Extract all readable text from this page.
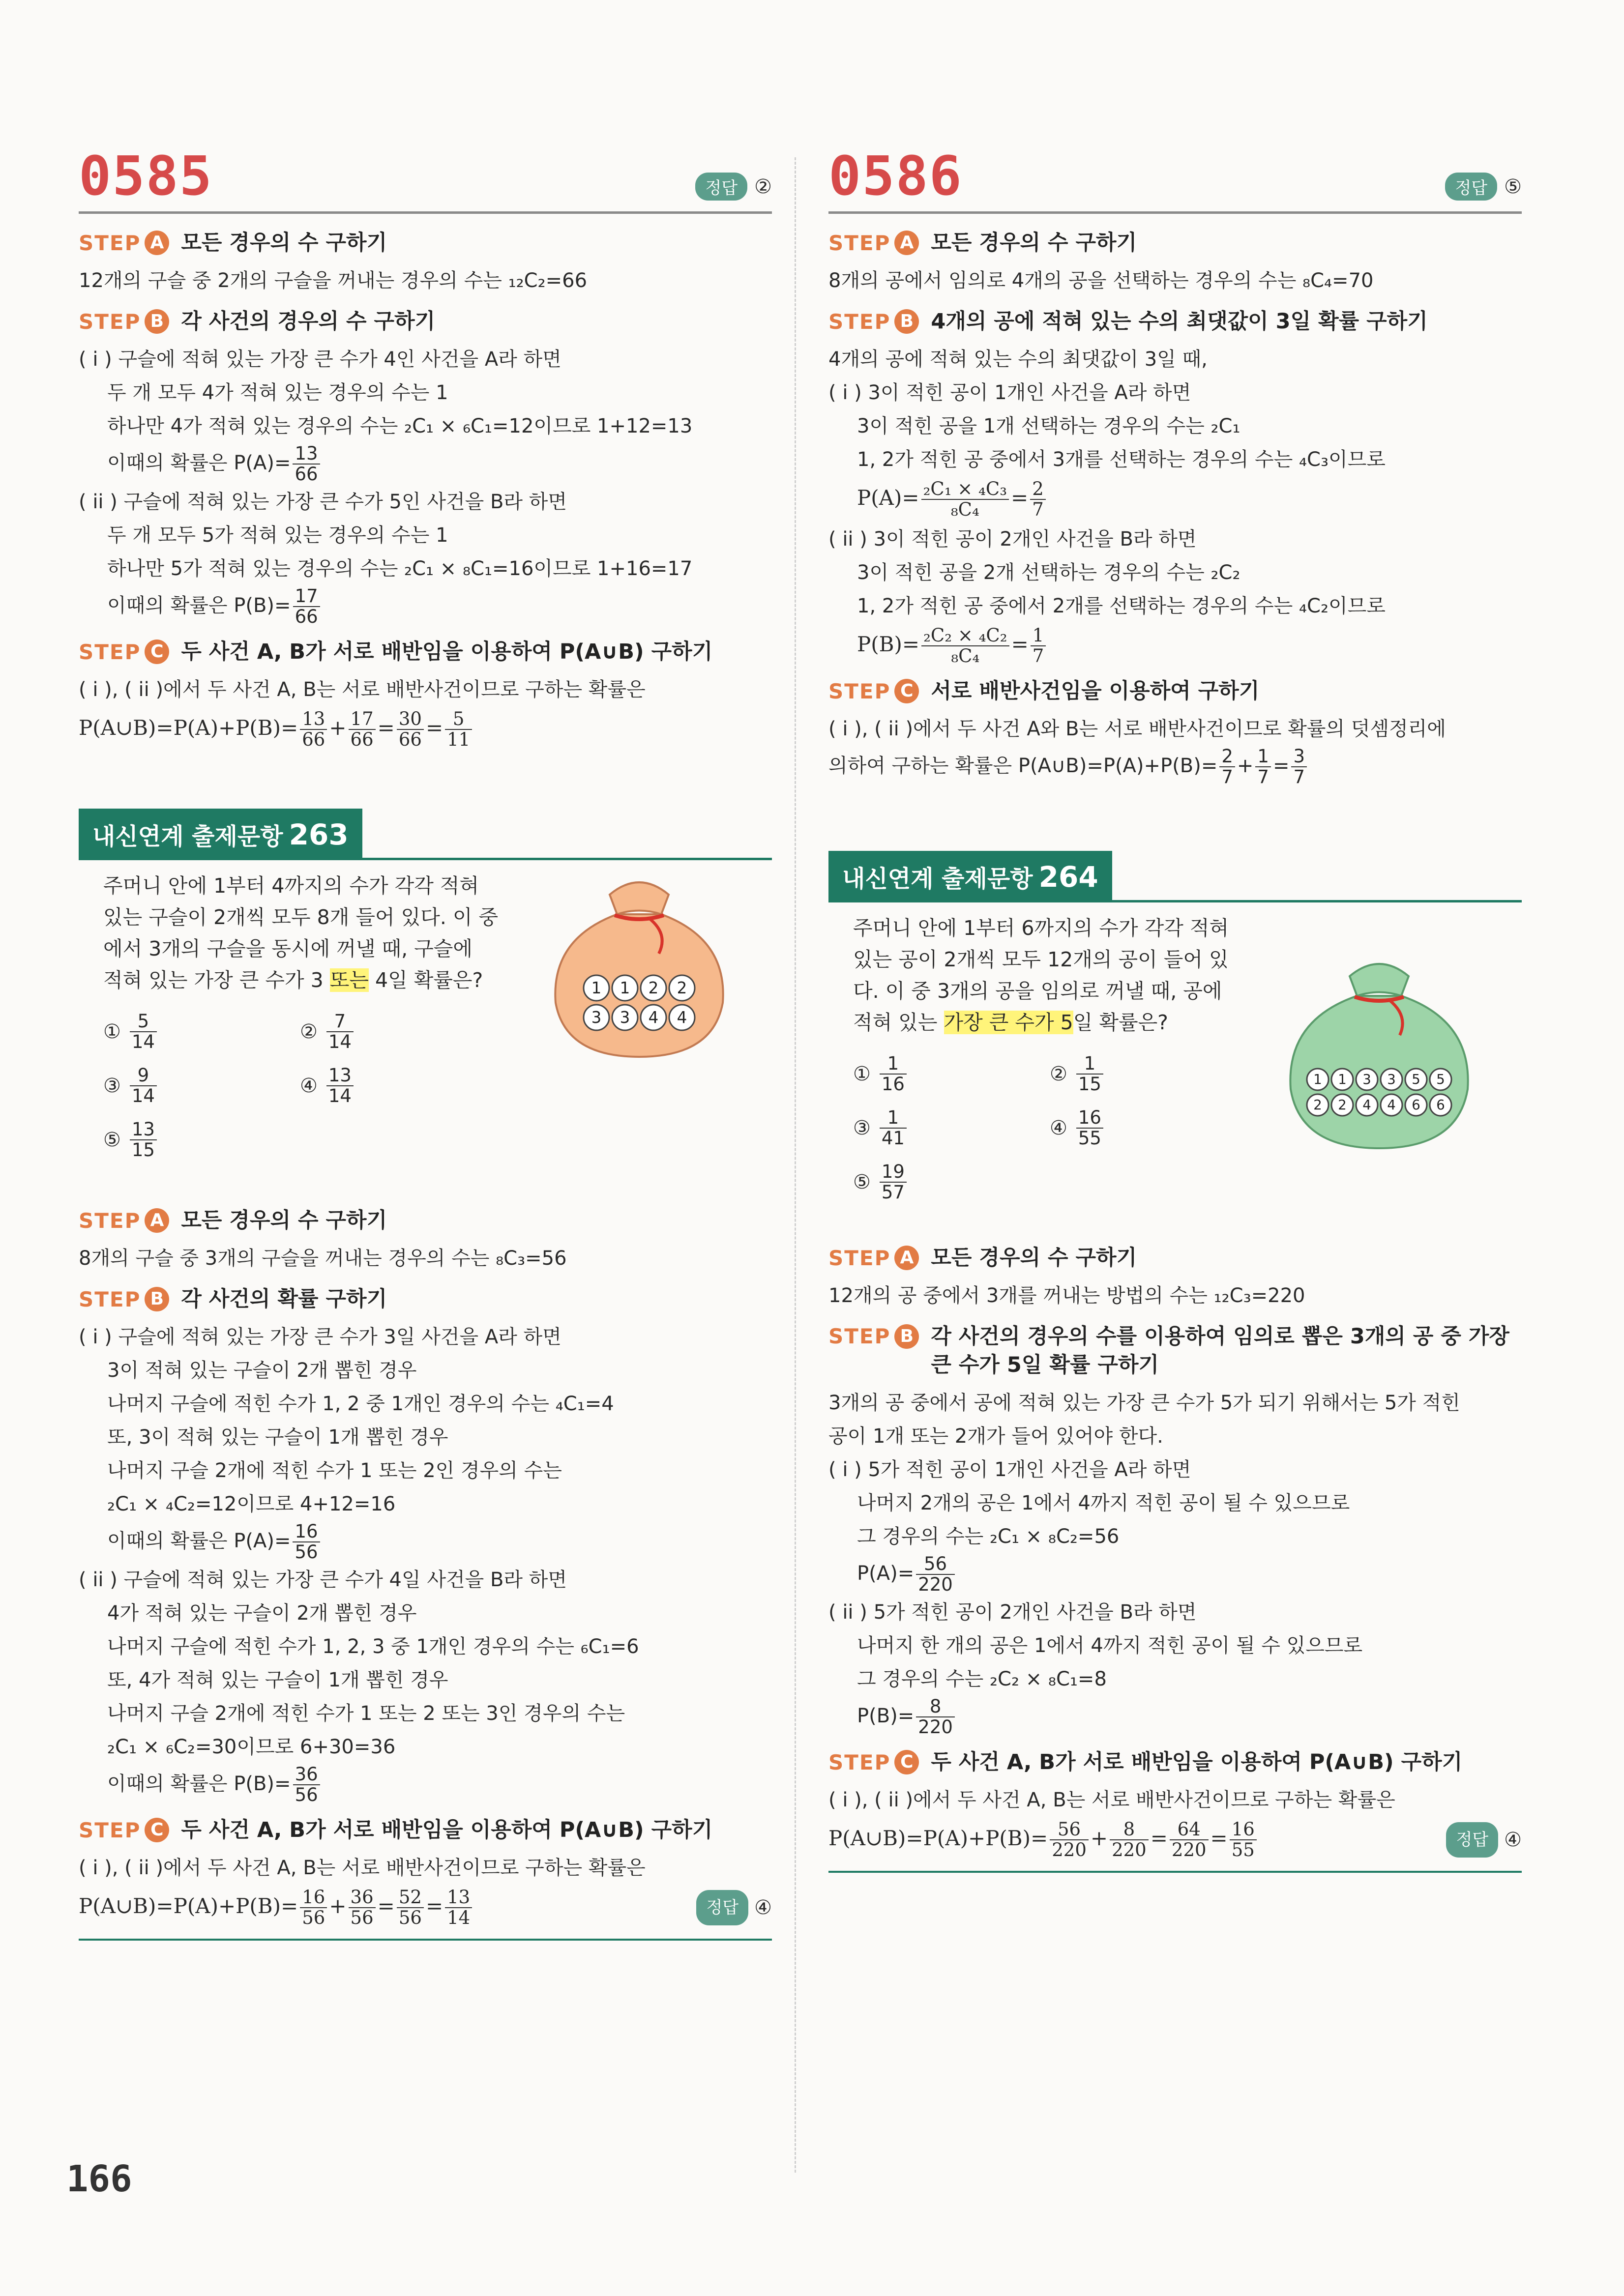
0585	정답 ②
STEP A 모든 경우의 수 구하기
12개의 구슬 중 2개의 구슬을 꺼내는 경우의 수는 ₁₂C₂=66
STEP B 각 사건의 경우의 수 구하기
( i ) 구슬에 적혀 있는 가장 큰 수가 4인 사건을 A라 하면
두 개 모두 4가 적혀 있는 경우의 수는 1
하나만 4가 적혀 있는 경우의 수는 ₂C₁ × ₆C₁=12이므로 1+12=13
이때의 확률은 $P(A)= \frac{13}{66}$
( ii ) 구슬에 적혀 있는 가장 큰 수가 5인 사건을 B라 하면
두 개 모두 5가 적혀 있는 경우의 수는 1
하나만 5가 적혀 있는 경우의 수는 ₂C₁ × ₈C₁=16이므로 1+16=17
이때의 확률은 $P(B)= \frac{17}{66}$
STEP C 두 사건 A, B가 서로 배반임을 이용하여 P(A∪B) 구하기
( i ), ( ii )에서 두 사건 A, B는 서로 배반사건이므로 구하는 확률은
P(A∪B)=P(A)+P(B)= $\frac{13}{66} + \frac{17}{66} = \frac{30}{66} = \frac{5}{11}$
내신연계 출제문항 263
주머니 안에 1부터 4까지의 수가 각각 적혀
있는 구슬이 2개씩 모두 8개 들어 있다. 이 중
에서 3개의 구슬을 동시에 꺼낼 때, 구슬에
적혀 있는 가장 큰 수가 3 또는 4일 확률은?
① $\frac{5}{14}$	② $\frac{7}{14}$
③ $\frac{9}{14}$	④ $\frac{13}{14}$
⑤ $\frac{13}{15}$
1 1 2 2
3 3 4 4
STEP A 모든 경우의 수 구하기
8개의 구슬 중 3개의 구슬을 꺼내는 경우의 수는 ₈C₃=56
STEP B 각 사건의 확률 구하기
( i ) 구슬에 적혀 있는 가장 큰 수가 3일 사건을 A라 하면
3이 적혀 있는 구슬이 2개 뽑힌 경우
나머지 구슬에 적힌 수가 1, 2 중 1개인 경우의 수는 ₄C₁=4
또, 3이 적혀 있는 구슬이 1개 뽑힌 경우
나머지 구슬 2개에 적힌 수가 1 또는 2인 경우의 수는
₂C₁ × ₄C₂=12이므로 4+12=16
이때의 확률은 $P(A)= \frac{16}{56}$
( ii ) 구슬에 적혀 있는 가장 큰 수가 4일 사건을 B라 하면
4가 적혀 있는 구슬이 2개 뽑힌 경우
나머지 구슬에 적힌 수가 1, 2, 3 중 1개인 경우의 수는 ₆C₁=6
또, 4가 적혀 있는 구슬이 1개 뽑힌 경우
나머지 구슬 2개에 적힌 수가 1 또는 2 또는 3인 경우의 수는
₂C₁ × ₆C₂=30이므로 6+30=36
이때의 확률은 $P(B)= \frac{36}{56}$
STEP C 두 사건 A, B가 서로 배반임을 이용하여 P(A∪B) 구하기
( i ), ( ii )에서 두 사건 A, B는 서로 배반사건이므로 구하는 확률은
P(A∪B)=P(A)+P(B)= $\frac{16}{56} + \frac{36}{56} = \frac{52}{56} = \frac{13}{14}$	정답 ④
0586	정답 ⑤
STEP A 모든 경우의 수 구하기
8개의 공에서 임의로 4개의 공을 선택하는 경우의 수는 ₈C₄=70
STEP B 4개의 공에 적혀 있는 수의 최댓값이 3일 확률 구하기
4개의 공에 적혀 있는 수의 최댓값이 3일 때,
( i ) 3이 적힌 공이 1개인 사건을 A라 하면
3이 적힌 공을 1개 선택하는 경우의 수는 ₂C₁
1, 2가 적힌 공 중에서 3개를 선택하는 경우의 수는 ₄C₃이므로
$P(A)= \frac{\text{₂C₁ × ₄C₃}}{\text{₈C₄}} = \frac{2}{7}$
( ii ) 3이 적힌 공이 2개인 사건을 B라 하면
3이 적힌 공을 2개 선택하는 경우의 수는 ₂C₂
1, 2가 적힌 공 중에서 2개를 선택하는 경우의 수는 ₄C₂이므로
$P(B)= \frac{\text{₂C₂ × ₄C₂}}{\text{₈C₄}} = \frac{1}{7}$
STEP C 서로 배반사건임을 이용하여 구하기
( i ), ( ii )에서 두 사건 A와 B는 서로 배반사건이므로 확률의 덧셈정리에
의하여 구하는 확률은 P(A∪B)=P(A)+P(B)= $\frac{2}{7} + \frac{1}{7} = \frac{3}{7}$
내신연계 출제문항 264
주머니 안에 1부터 6까지의 수가 각각 적혀
있는 공이 2개씩 모두 12개의 공이 들어 있
다. 이 중 3개의 공을 임의로 꺼낼 때, 공에
적혀 있는 가장 큰 수가 5일 확률은?
① $\frac{1}{16}$	② $\frac{1}{15}$
③ $\frac{1}{41}$	④ $\frac{16}{55}$
⑤ $\frac{19}{57}$
1 1 3 3 5 5
2 2 4 4 6 6
STEP A 모든 경우의 수 구하기
12개의 공 중에서 3개를 꺼내는 방법의 수는 ₁₂C₃=220
STEP B 각 사건의 경우의 수를 이용하여 임의로 뽑은 3개의 공 중 가장
큰 수가 5일 확률 구하기
3개의 공 중에서 공에 적혀 있는 가장 큰 수가 5가 되기 위해서는 5가 적힌
공이 1개 또는 2개가 들어 있어야 한다.
( i ) 5가 적힌 공이 1개인 사건을 A라 하면
나머지 2개의 공은 1에서 4까지 적힌 공이 될 수 있으므로
그 경우의 수는 ₂C₁ × ₈C₂=56
$P(A)= \frac{56}{220}$
( ii ) 5가 적힌 공이 2개인 사건을 B라 하면
나머지 한 개의 공은 1에서 4까지 적힌 공이 될 수 있으므로
그 경우의 수는 ₂C₂ × ₈C₁=8
$P(B)= \frac{8}{220}$
STEP C 두 사건 A, B가 서로 배반임을 이용하여 P(A∪B) 구하기
( i ), ( ii )에서 두 사건 A, B는 서로 배반사건이므로 구하는 확률은
P(A∪B)=P(A)+P(B)= $\frac{56}{220} + \frac{8}{220} = \frac{64}{220} = \frac{16}{55}$	정답 ④
166
